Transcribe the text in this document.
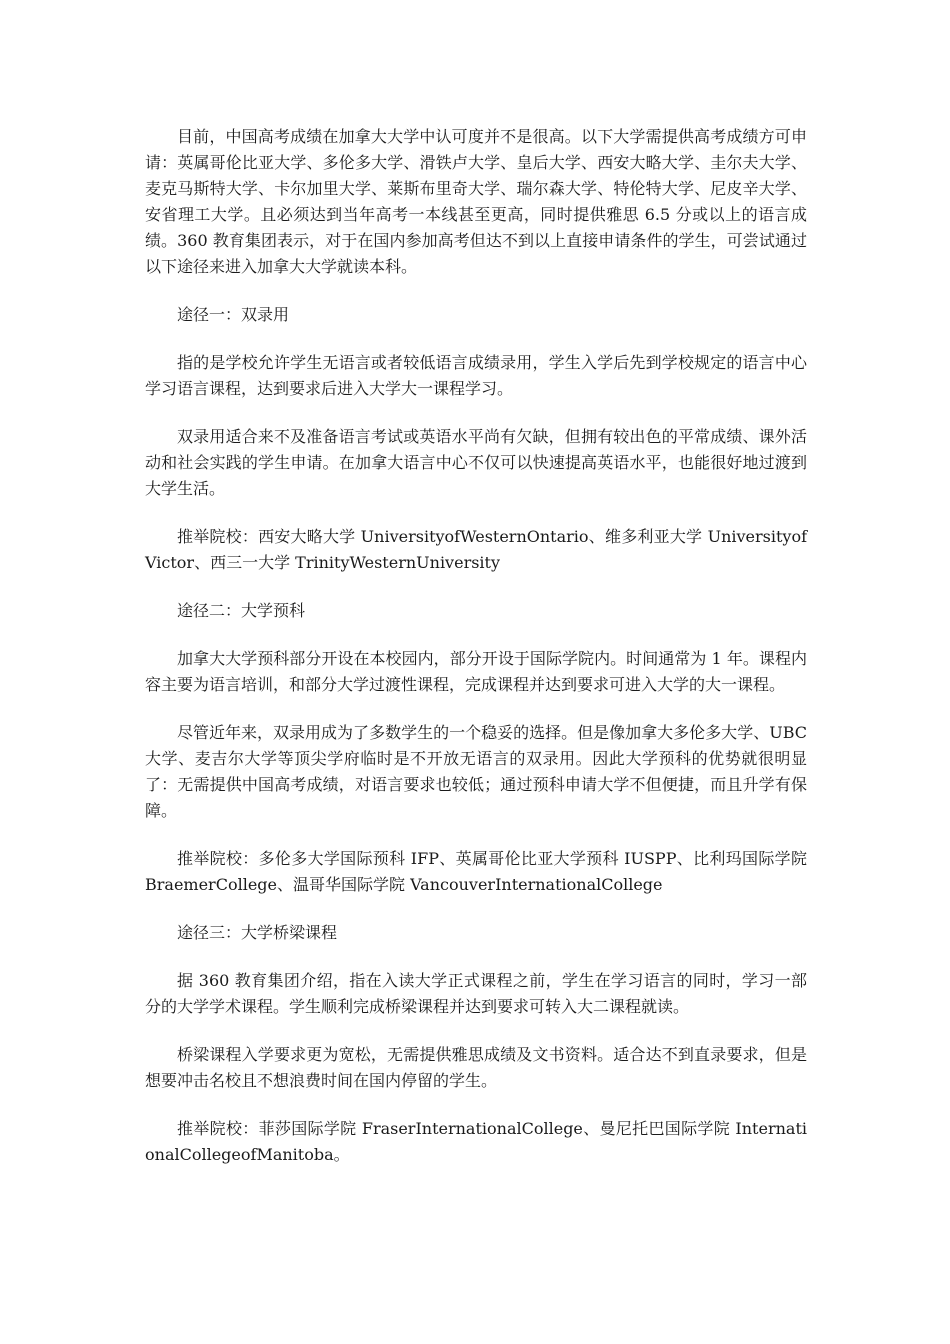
目前，中国高考成绩在加拿大大学中认可度并不是很高。以下大学需提供高考成绩方可申请：英属哥伦比亚大学、多伦多大学、滑铁卢大学、皇后大学、西安大略大学、圭尔夫大学、麦克马斯特大学、卡尔加里大学、莱斯布里奇大学、瑞尔森大学、特伦特大学、尼皮辛大学、安省理工大学。且必须达到当年高考一本线甚至更高，同时提供雅思 6.5 分或以上的语言成绩。360 教育集团表示，对于在国内参加高考但达不到以上直接申请条件的学生，可尝试通过以下途径来进入加拿大大学就读本科。

途径一：双录用

指的是学校允许学生无语言或者较低语言成绩录用，学生入学后先到学校规定的语言中心学习语言课程，达到要求后进入大学大一课程学习。

双录用适合来不及准备语言考试或英语水平尚有欠缺，但拥有较出色的平常成绩、课外活动和社会实践的学生申请。在加拿大语言中心不仅可以快速提高英语水平，也能很好地过渡到大学生活。

推举院校：西安大略大学 UniversityofWesternOntario、维多利亚大学 UniversityofVictor、西三一大学 TrinityWesternUniversity

途径二：大学预科

加拿大大学预科部分开设在本校园内，部分开设于国际学院内。时间通常为 1 年。课程内容主要为语言培训，和部分大学过渡性课程，完成课程并达到要求可进入大学的大一课程。

尽管近年来，双录用成为了多数学生的一个稳妥的选择。但是像加拿大多伦多大学、UBC 大学、麦吉尔大学等顶尖学府临时是不开放无语言的双录用。因此大学预科的优势就很明显了：无需提供中国高考成绩，对语言要求也较低；通过预科申请大学不但便捷，而且升学有保障。

推举院校：多伦多大学国际预科 IFP、英属哥伦比亚大学预科 IUSPP、比利玛国际学院 BraemerCollege、温哥华国际学院 VancouverInternationalCollege

途径三：大学桥梁课程

据 360 教育集团介绍，指在入读大学正式课程之前，学生在学习语言的同时，学习一部分的大学学术课程。学生顺利完成桥梁课程并达到要求可转入大二课程就读。

桥梁课程入学要求更为宽松，无需提供雅思成绩及文书资料。适合达不到直录要求，但是想要冲击名校且不想浪费时间在国内停留的学生。

推举院校：菲莎国际学院 FraserInternationalCollege、曼尼托巴国际学院 InternationalCollegeofManitoba。
